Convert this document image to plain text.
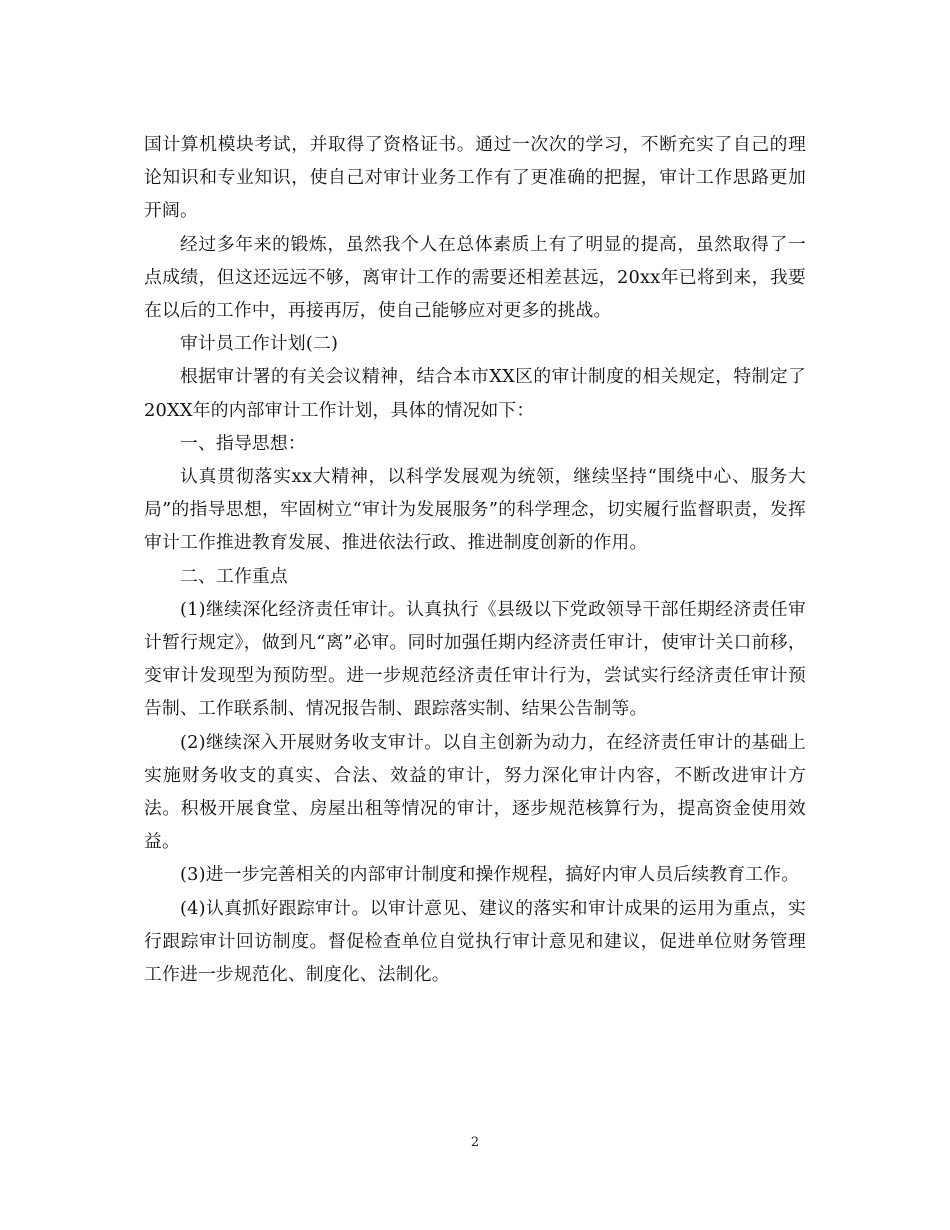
国计算机模块考试，并取得了资格证书。通过一次次的学习，不断充实了自己的理论知识和专业知识，使自己对审计业务工作有了更准确的把握，审计工作思路更加开阔。

经过多年来的锻炼，虽然我个人在总体素质上有了明显的提高，虽然取得了一点成绩，但这还远远不够，离审计工作的需要还相差甚远，20xx年已将到来，我要在以后的工作中，再接再厉，使自己能够应对更多的挑战。

审计员工作计划(二)

根据审计署的有关会议精神，结合本市XX区的审计制度的相关规定，特制定了20XX年的内部审计工作计划，具体的情况如下：

一、指导思想：

认真贯彻落实xx大精神，以科学发展观为统领，继续坚持“围绕中心、服务大局”的指导思想，牢固树立“审计为发展服务”的科学理念，切实履行监督职责，发挥审计工作推进教育发展、推进依法行政、推进制度创新的作用。

二、工作重点

(1)继续深化经济责任审计。认真执行《县级以下党政领导干部任期经济责任审计暂行规定》，做到凡“离”必审。同时加强任期内经济责任审计，使审计关口前移，变审计发现型为预防型。进一步规范经济责任审计行为，尝试实行经济责任审计预告制、工作联系制、情况报告制、跟踪落实制、结果公告制等。

(2)继续深入开展财务收支审计。以自主创新为动力，在经济责任审计的基础上实施财务收支的真实、合法、效益的审计，努力深化审计内容，不断改进审计方法。积极开展食堂、房屋出租等情况的审计，逐步规范核算行为，提高资金使用效益。

(3)进一步完善相关的内部审计制度和操作规程，搞好内审人员后续教育工作。

(4)认真抓好跟踪审计。以审计意见、建议的落实和审计成果的运用为重点，实行跟踪审计回访制度。督促检查单位自觉执行审计意见和建议，促进单位财务管理工作进一步规范化、制度化、法制化。

2
